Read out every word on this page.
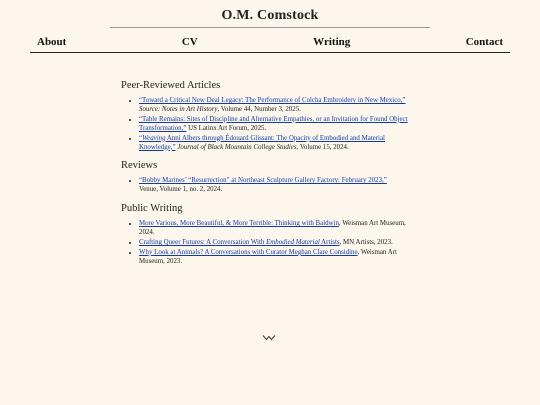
O.M. Comstock
About	CV	Writing	Contact
Peer-Reviewed Articles
• “Toward a Critical New Deal Legacy: The Performance of Colcha Embroidery in New Mexico,”
Source: Notes in Art History, Volume 44, Number 3, 2025.
• “Table Remains: Sites of Discipline and Alternative Empathies, or an Invitation for Found Object Transformation,” US Latinx Art Forum, 2025.
• “Weaving Anni Albers through Édouard Glissant: The Opacity of Embodied and Material Knowledge,” Journal of Black Mountain College Studies, Volume 15, 2024.
Reviews
• “Bobby Marines’ “Resurrection” at Northeast Sculpture Gallery Factory: February 2023,”
Venue, Volume 1, no. 2, 2024.
Public Writing
• More Various, More Beautiful, & More Terrible: Thinking with Baldwin, Weisman Art Museum, 2024.
• Crafting Queer Futures: A Conversation With Embodied Material Artists, MN Artists, 2023.
• Why Look at Animals? A Conversations with Curator Meghan Clare Considine, Weisman Art Museum, 2023.
